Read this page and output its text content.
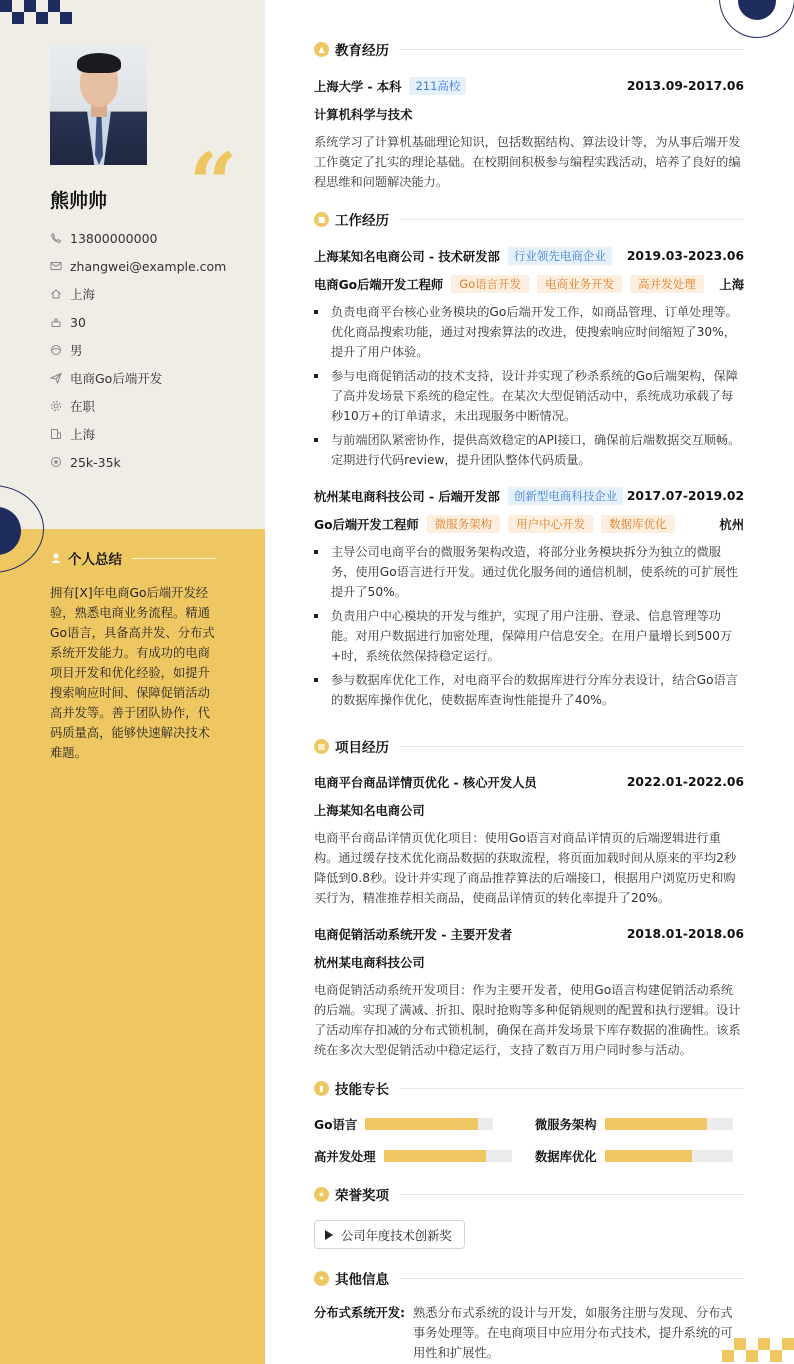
“
熊帅帅
13800000000
zhangwei@example.com
上海
30
男
电商Go后端开发
在职
上海
25k-35k
个人总结
拥有[X]年电商Go后端开发经验，熟悉电商业务流程。精通Go语言，具备高并发、分布式系统开发能力。有成功的电商项目开发和优化经验，如提升搜索响应时间、保障促销活动高并发等。善于团队协作，代码质量高，能够快速解决技术难题。
▲ 教育经历
上海大学 - 本科	211高校	2013.09-2017.06
计算机科学与技术
系统学习了计算机基础理论知识，包括数据结构、算法设计等，为从事后端开发工作奠定了扎实的理论基础。在校期间积极参与编程实践活动，培养了良好的编程思维和问题解决能力。
■ 工作经历
上海某知名电商公司 - 技术研发部	行业领先电商企业	2019.03-2023.06
电商Go后端开发工程师	Go语言开发	电商业务开发	高并发处理	上海
负责电商平台核心业务模块的Go后端开发工作，如商品管理、订单处理等。优化商品搜索功能，通过对搜索算法的改进，使搜索响应时间缩短了30%，提升了用户体验。
参与电商促销活动的技术支持，设计并实现了秒杀系统的Go后端架构，保障了高并发场景下系统的稳定性。在某次大型促销活动中，系统成功承载了每秒10万+的订单请求，未出现服务中断情况。
与前端团队紧密协作，提供高效稳定的API接口，确保前后端数据交互顺畅。定期进行代码review，提升团队整体代码质量。
杭州某电商科技公司 - 后端开发部	创新型电商科技企业 2017.07-2019.02
Go后端开发工程师	微服务架构	用户中心开发	数据库优化	杭州
主导公司电商平台的微服务架构改造，将部分业务模块拆分为独立的微服务，使用Go语言进行开发。通过优化服务间的通信机制，使系统的可扩展性提升了50%。
负责用户中心模块的开发与维护，实现了用户注册、登录、信息管理等功能。对用户数据进行加密处理，保障用户信息安全。在用户量增长到500万+时，系统依然保持稳定运行。
参与数据库优化工作，对电商平台的数据库进行分库分表设计，结合Go语言的数据库操作优化，使数据库查询性能提升了40%。
▦ 项目经历
电商平台商品详情页优化 - 核心开发人员	2022.01-2022.06
上海某知名电商公司
电商平台商品详情页优化项目：使用Go语言对商品详情页的后端逻辑进行重构。通过缓存技术优化商品数据的获取流程，将页面加载时间从原来的平均2秒降低到0.8秒。设计并实现了商品推荐算法的后端接口，根据用户浏览历史和购买行为，精准推荐相关商品，使商品详情页的转化率提升了20%。
电商促销活动系统开发 - 主要开发者	2018.01-2018.06
杭州某电商科技公司
电商促销活动系统开发项目：作为主要开发者，使用Go语言构建促销活动系统的后端。实现了满减、折扣、限时抢购等多种促销规则的配置和执行逻辑。设计了活动库存扣减的分布式锁机制，确保在高并发场景下库存数据的准确性。该系统在多次大型促销活动中稳定运行，支持了数百万用户同时参与活动。
▮ 技能专长
Go语言	微服务架构
高并发处理	数据库优化
★ 荣誉奖项
公司年度技术创新奖
✦ 其他信息
分布式系统开发: 熟悉分布式系统的设计与开发，如服务注册与发现、分布式事务处理等。在电商项目中应用分布式技术，提升系统的可用性和扩展性。
